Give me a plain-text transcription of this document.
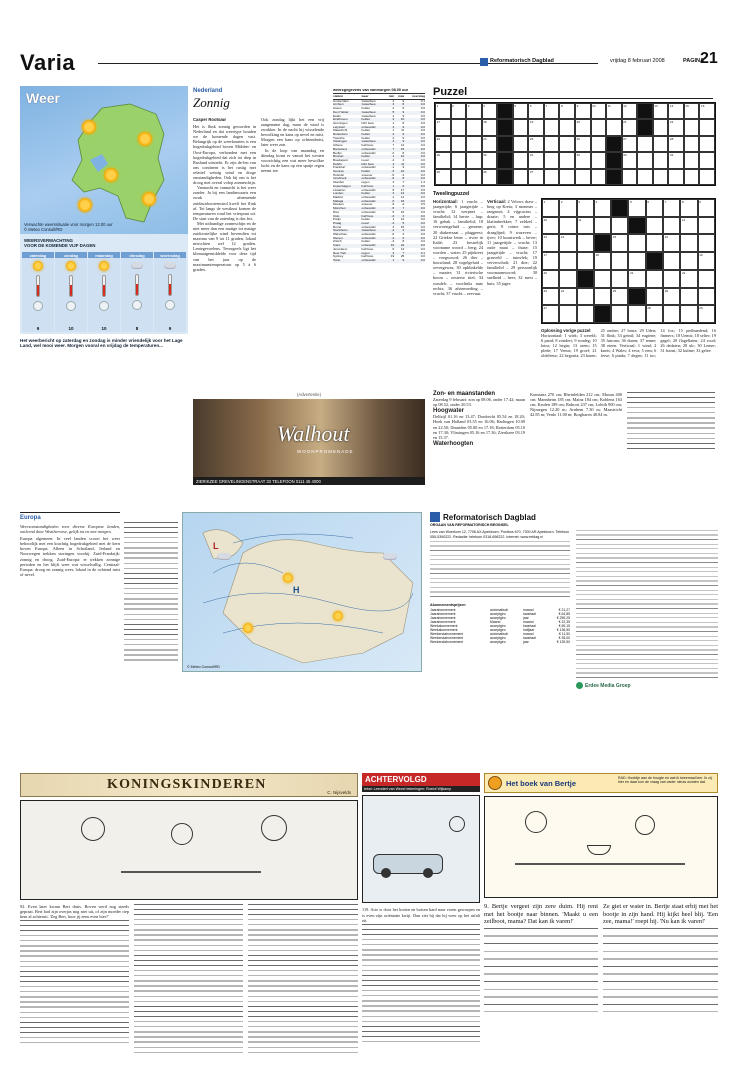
Varia	Reformatorisch Dagblad	vrijdag 8 februari 2008	PAGINA
21
Weer
Verwachte weerssituatie voor morgen 12.00 uur
© Meteo Consult/RD
WEERSVERWACHTING
VOOR DE KOMENDE VIJF DAGEN
zaterdag
9
zondag
10
maandag
10
dinsdag
8
woensdag
9
Het weerbericht op zaterdag en zondag is minder vriendelijk voor het Lage Land, wel mooi weer. Morgen vooral en vrijdag de temperaturen...
Nederland
Zonnig
Casper Rootsaw

Het is flink zonnig geworden in Nederland en dat weertype houden we de komende dagen vast. Belangrijk op de weerkaarten is een hogedrukgebied boven Midden- en Oost-Europa, verbonden met een hogedrukgebied dat zich tot diep in Rusland uitstrekt. Er zijn de-len van ons continent is het rustig met relatief weinig wind en droge omstandigheden. Ook bij ons is het droog met overal volop zonneschijn.

Vannacht en vannacht is het weer zonder. Ja bij een landinwaarts een zwak afnemende zuidzuidoostenwind kwelt het flink af. Tot langs de westkust komen de temperaturen rond het vriespunt uit. De start van de zaterdag is dus fris.

Met uitbundige zonneschijn en de niet meer dan een matige tot matige zuidoostelijke wind bovendien tot maxima van 9 tot 11 graden, lokaal misschien wel 12 graden. Lentegevoelens. Tevergeefs ligt het klimaatgemiddelde voor deze tijd van het jaar op de maximumtemperatuur op 5 à 6 graden.

Ook zondag lijkt het een vrij aangename dag, maar de wind is zwakker. In de nacht bij wisselende bewolking en kans op nevel en mist. Morgen een kans op ochtendmist, later weer zon.

In de loop van maandag en dinsdag komt er vanuit het westen voorzichtig een wat meer bewolkte lucht en de kans op een spatje regen neemt toe.

weersgegevens van vanmorgen 08.00 uur
station	weer	min	max	neerslag
Amsterdam	zwaarbew.	4	9	0.1
Arnhem	zwaarbew.	3	8	0.0
Assen	helder	2	8	0.0
Den Helder	zwaarbew.	5	9	0.0
Eelde	zwaarbew.	1	9	0.0
Eindhoven	helder	2	10	0.0
Groningen	licht bew.	1	8	0.0
Lelystad	onbewolkt	3	9	0.0
Maastricht	helder	1	11	0.0
Rotterdam	helder	2	9	0.0
Twenthe	helder	2	9	0.0
Vlissingen	zwaarbew.	4	9	0.0
Athene	half bew.	7	14	0.0
Barcelona	onbewolkt	7	15	0.0
Berlijn	onbewolkt	-2	8	0.0
Brussel	helder	1	10	0.0
Boedapest	nevel	-4	4	0.0
Dublin	licht bew.	4	11	0.0
Frankfurt	onbewolkt	-1	9	0.0
Genève	helder	-3	10	0.0
Helsinki	sneeuw	-5	-1	0.2
Innsbruck	onbewolkt	-6	8	0.0
Istanbul	regen	3	7	1.4
Kopenhagen	half bew.	1	6	0.0
Lissabon	onbewolkt	8	17	0.0
Londen	helder	3	12	0.0
Madrid	onbewolkt	-1	14	0.0
Malaga	onbewolkt	6	18	0.0
Moskou	sneeuw	-9	-4	0.5
München	onbewolkt	-5	7	0.0
Nice	onbewolkt	5	16	0.0
Oslo	half bew.	-3	3	0.0
Parijs	helder	1	12	0.0
Praag	nevel	-4	5	0.0
Rome	onbewolkt	3	15	0.0
Stockholm	zwaarbew.	-2	2	0.0
Warschau	onbewolkt	-6	3	0.0
Wenen	onbewolkt	-4	6	0.0
Zürich	helder	-3	8	0.0
Cairo	onbewolkt	10	22	0.0
Jeruzalem	half bew.	6	13	0.0
New York	regen	2	7	3.1
Sydney	half bew.	19	25	0.0
Tokio	onbewolkt	1	9	0.0
Puzzel
1	2	3	4	5	6	7	8	9	10	11	12	13	14	15	16
17	18	19	20	21	22
23	24	25	26	27	28
29	30	31	32	33	34
35	36	37
Tweelingpuzzel
1	2	3	4	5	6	7	8	9
10	11	12
13	14	15	16
17	18	19
20	21	22
23	24	25	26
27	28	29
Horizontaal: 1 vrucht – jaargetijde; 6 jaargetijde – vrucht; 12 werpnet – familielid; 14 herrie – hap; 16 gebak – familielid; 18 verwoestgeluid – gemene; 20 diakrersaat – pluggeest; 22 Griekse letter – rivier in Italië; 23 bestrelijk voorname woord – berg; 24 worden – water; 25 pijnkreet – voegwoord; 26 dier – bouwland; 28 vogelgeluid – oevergewas; 30 opklinkelde – maaier; 31 rivierische boom – oosterse titel; 34 wasdelc – voorlinks naar rechts; 36 afstemreding – vrucht; 37 vrucht – zeevuur.
Verticaal: 2 Velows draw – berg op Kreta; 3 monmer – rangnoot; 4 vijgcactus – draaie; 5 en andere – klatimbrekker; 7 zeldzel – gerit; 8 rotme mis – draaglijnd; 9 wazeven – ijver; 10 kunstwerk – bever; 11 jaargetijde – vrucht; 13 oude maat – thuse; 15 jaargetijde – vrucht; 17 grasveld – tuinvlek; 19 ververschaft; 21 dier; 22 familielid – 29 persoonlijk voornaamwoord; 30 snelheid – heer; 32 mest – buis; 35 jager.
Oplossing vorige puzzel
Horizontaal: 1 wiek; 3 wereld; 6 pand; 8 zondert; 9 rondeg; 10 lutra; 12 begin; 13 orem; 15 plede; 17 Venus; 19 groef; 21 oldeleeur; 22 begonia; 23 baren; 25 omber; 27 bruiz; 29 Uden; 31 flink; 33 geinil; 34 eugiene; 35 lutroan; 36 duren; 37 tenne; 38 eteen. Verticaal: 1 wind; 2 knets; 4 Wales; 4 erva; 5 rem; 6 ferse; 6 pinda; 7 degen; 11 toc; 14 fox; 15 pedbuedend; 16 finmers; 18 Uemis; 18 selter; 19 gagel; 20 flagellaten; 24 rood; 26 dedaten; 28 ulc; 30 Lemer; 31 franst; 32 kulme; 33 gelee.
(Advertentie)
Walhout
WOONPROMENADE
ZIERIKZEE GREVELINGENSTRAAT 33 TELEFOON 0111 45 4000
Zon- en maanstanden

Zaterdag 9 februari: zon op 08.06, onder 17.42; maan op 08.52, onder 20.53.

Hoogwater

Delfzijl 01.16 en 13.47; Dordrecht 05.54 en 18.20; Hoek van Holland 03.55 en 16.06; Harlingen 10.09 en 22.50; IJmuiden 05.00 en 17.18; Rotterdam 05.10 en 17.30; Vlissingen 05.16 en 17.36; Zierikzee 03.19 en 15.37.

Waterhoogten

Konstanz 270 cm; Rheinfelden 212 cm; Maxau 400 cm; Mannheim 185 cm; Mainz 184 cm; Koblenz 163 cm; Keulen 189 cm; Ruhrort 237 cm; Lobith 900 cm; Nijmegen 12.20 m; Arnhem 7.30 m; Maastricht 42.85 m; Venlo 11.00 m; Borgharen 48.84 m.

Europa

Weersomstandigheden voor diverse Europese landen, ontleend door Weatherwise, gelijk tot en met morgen.

Europa algemeen: In veel landen scoort het weer behoorlijk met een krachtig hogedrukgebied met de kern boven Europa. Alleen in Schotland, Ierland en Noorwegen trekken storingen voorbij. Zuid-Frankrijk: zonnig en droog. Zuid-Europa: er trekken zonnige perioden en het blijft weer wat wisselvallig. Centraal-Europa: droog en zonnig weer, lokaal in de ochtend mist of nevel.

H
L
© Meteo Consult/RD
Reformatorisch Dagblad
ORGAAN VAN REFORMATORISCH BEGINSEL

Lees van Woerkom 12, 7706 AX Apeldoorn. Postbus 670, 7300 AR Apeldoorn. Telefoon 055-5390222. Redactie: telefoon 0318-696222. Internet: www.refdag.nl

Abonnementsprijzen
Jaarabonnement	automatisch	maand	€ 21,27
Jaarabonnement	acceptgiro	kwartaal	€ 64,85
Jaarabonnement	acceptgiro	jaar	€ 255,25
Jaarabonnement	Maand	maand	€ 22,35
Weekabonnement	acceptgiro	kwartaal	€ 69,15
Weekabonnement	acceptgiro	halfjaar	€ 136,50
Weekendabonnement	automatisch	maand	€ 11,50
Weekendabonnement	acceptgiro	kwartaal	€ 35,00
Weekendabonnement	acceptgiro	jaar	€ 139,50
Erdee Media Groep
KONINGSKINDEREN
C. Nijsvelds

92. Even later kwam Bert thuis. Boven werd nog steeds gepraat. Bert had zijn overjas nog niet uit, of zijn moeder riep hem al achteruit. 'Zeg Bert, hoor jij eens even hier?'

ACHTERVOLGD
tekst: Leendert van Wezel tekeningen: Roelof Wijkamp

119. Arie is door het hotten en botsen hard naar voren geworpen en is even zijn oriëntatie kwijt. Dan ziet hij dat hij weer op het asfalt zit.

Het boek van Bertje
RAD: Hoofdje aan de hoogte en wat ik tweemaal leer. Ik zij: hier en daar kon de vraag van vader nieuw worden dat.

9. Bertje vergeet zijn zere duim. Hij rent met het bootje naar binnen. 'Maakt u een zeilboot, mama? Dat kan ik varen!'

Ze giet er water in. Bertje staat erbij met het bootje in zijn hand. Hij kijkt heel blij. 'Een zee, mama!' roept hij. 'Nu kan ik varen!'
